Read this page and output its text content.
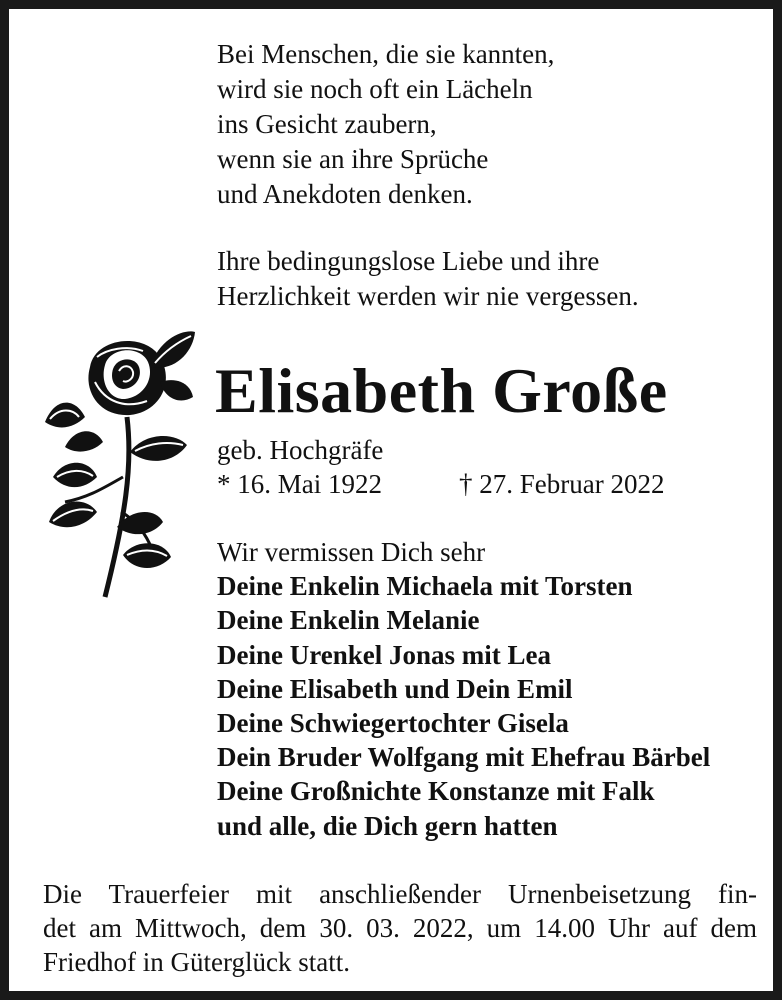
Bei Menschen, die sie kannten,
wird sie noch oft ein Lächeln
ins Gesicht zaubern,
wenn sie an ihre Sprüche
und Anekdoten denken.
Ihre bedingungslose Liebe und ihre
Herzlichkeit werden wir nie vergessen.
Elisabeth Große
geb. Hochgräfe
* 16. Mai 1922	† 27. Februar 2022
Wir vermissen Dich sehr
Deine Enkelin Michaela mit Torsten
Deine Enkelin Melanie
Deine Urenkel Jonas mit Lea
Deine Elisabeth und Dein Emil
Deine Schwiegertochter Gisela
Dein Bruder Wolfgang mit Ehefrau Bärbel
Deine Großnichte Konstanze mit Falk
und alle, die Dich gern hatten
Die Trauerfeier mit anschließender Urnenbeisetzung fin-
det am Mittwoch, dem 30. 03. 2022, um 14.00 Uhr auf dem
Friedhof in Güterglück statt.
